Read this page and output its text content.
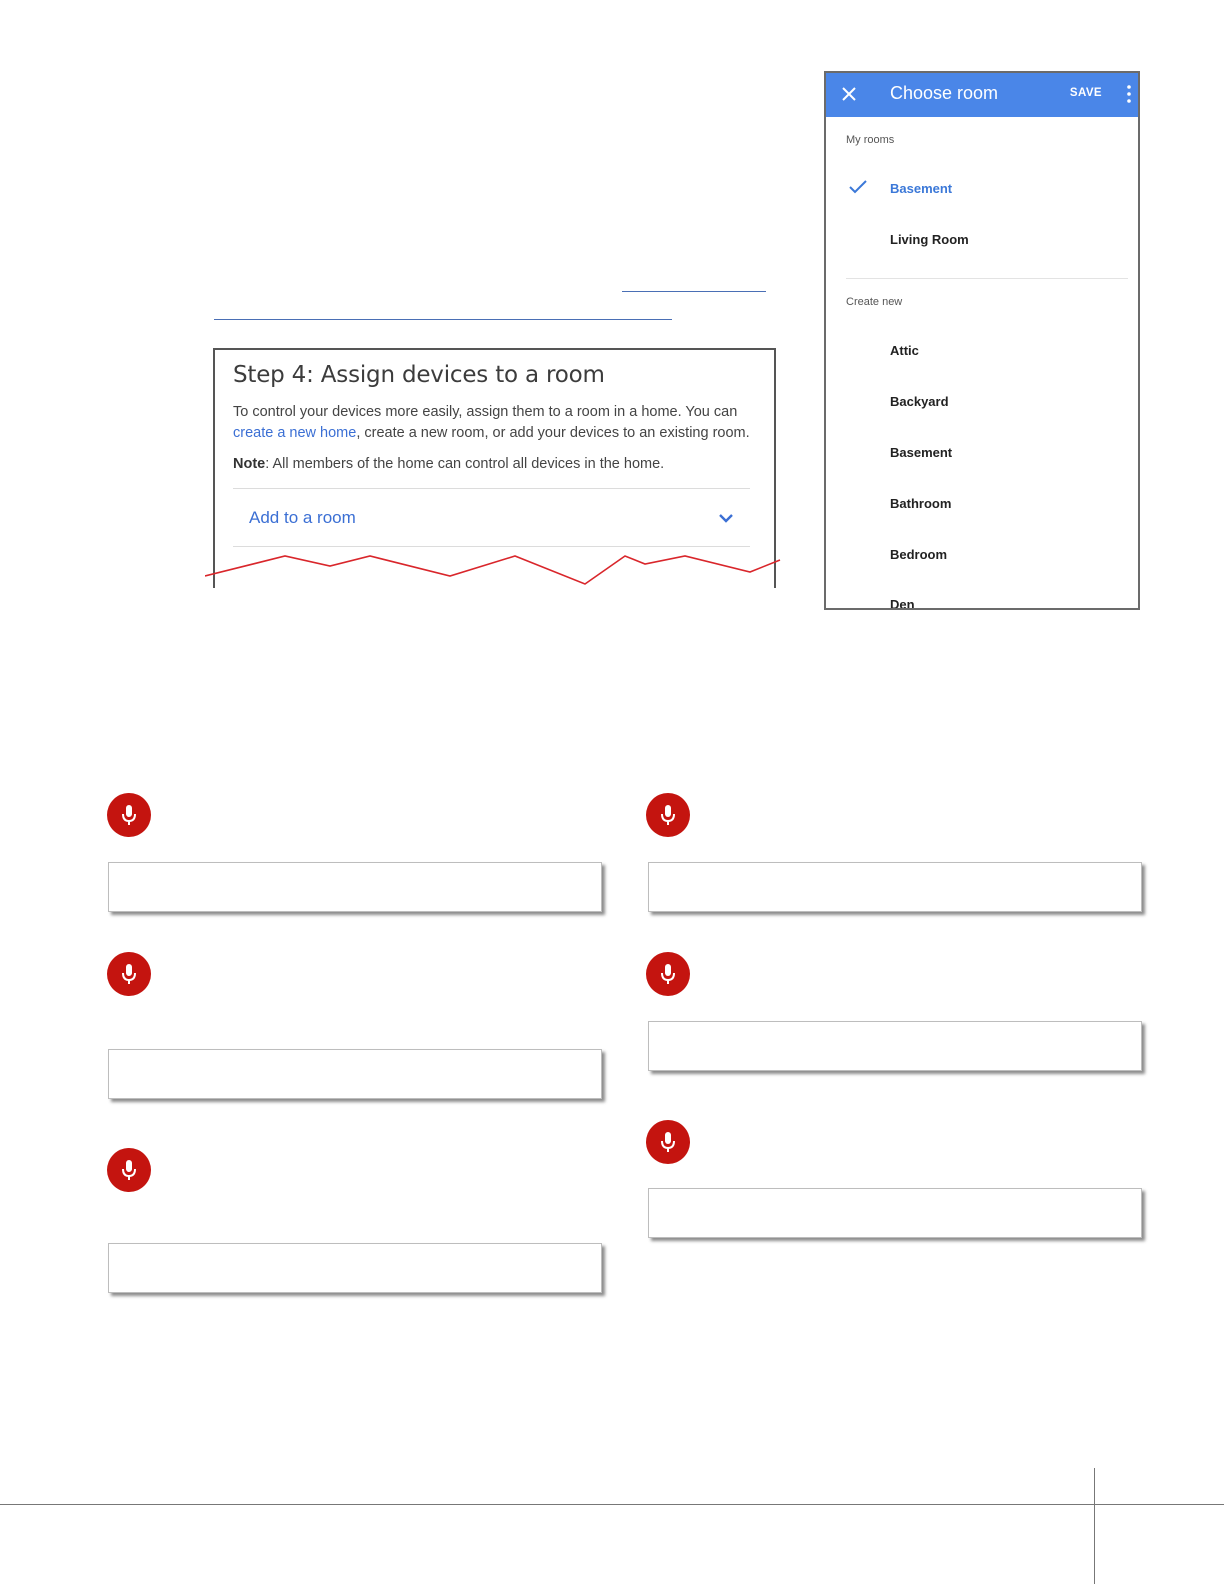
Step 4: Assign devices to a room
To control your devices more easily, assign them to a room in a home. You can create a new home, create a new room, or add your devices to an existing room.
Note: All members of the home can control all devices in the home.
Add to a room
Choose room	SAVE
My rooms
Basement
Living Room
Create new
Attic
Backyard
Basement
Bathroom
Bedroom
Den
